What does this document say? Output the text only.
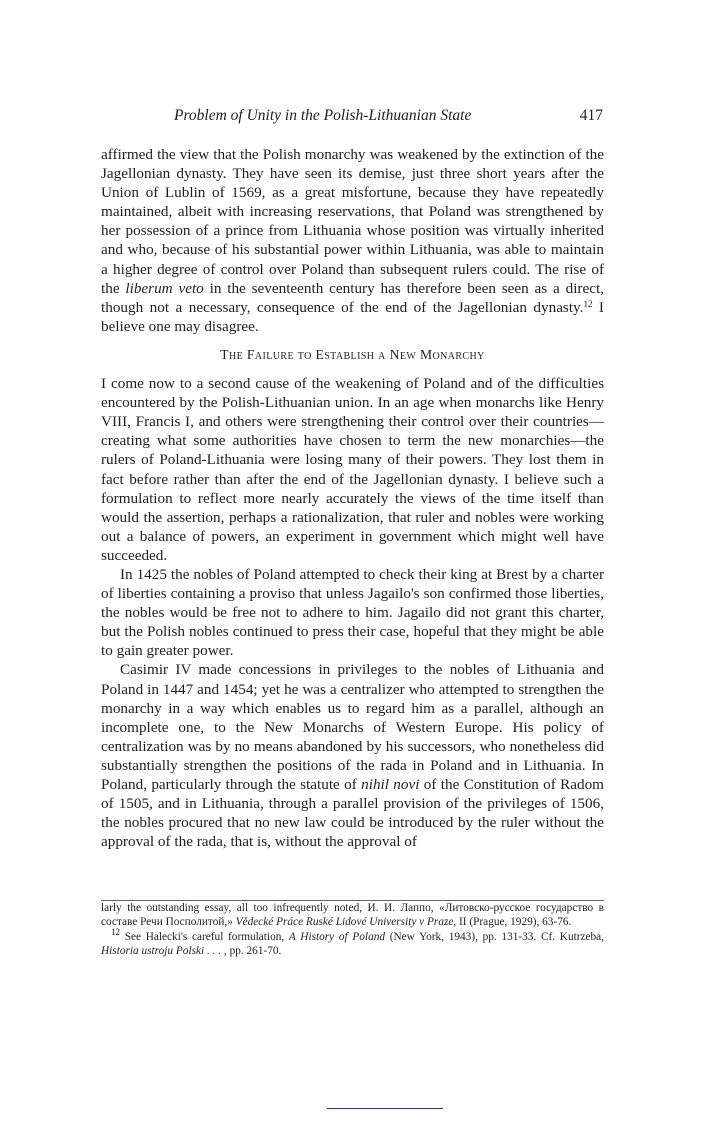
Problem of Unity in the Polish-Lithuanian State	417

affirmed the view that the Polish monarchy was weakened by the extinction of the Jagellonian dynasty. They have seen its demise, just three short years after the Union of Lublin of 1569, as a great misfortune, because they have repeatedly maintained, albeit with increasing reservations, that Poland was strengthened by her possession of a prince from Lithuania whose position was virtually inherited and who, because of his substantial power within Lithuania, was able to maintain a higher degree of control over Poland than subsequent rulers could. The rise of the liberum veto in the seventeenth century has therefore been seen as a direct, though not a necessary, consequence of the end of the Jagellonian dynasty.$^{12}$ I believe one may disagree.

The Failure to Establish a New Monarchy

I come now to a second cause of the weakening of Poland and of the difficulties encountered by the Polish-Lithuanian union. In an age when monarchs like Henry VIII, Francis I, and others were strengthening their control over their countries—creating what some authorities have chosen to term the new monarchies—the rulers of Poland-Lithuania were losing many of their powers. They lost them in fact before rather than after the end of the Jagellonian dynasty. I believe such a formulation to reflect more nearly accurately the views of the time itself than would the assertion, perhaps a rationalization, that ruler and nobles were working out a balance of powers, an experiment in government which might well have succeeded.

In 1425 the nobles of Poland attempted to check their king at Brest by a charter of liberties containing a proviso that unless Jagailo's son confirmed those liberties, the nobles would be free not to adhere to him. Jagailo did not grant this charter, but the Polish nobles continued to press their case, hopeful that they might be able to gain greater power.

Casimir IV made concessions in privileges to the nobles of Lithuania and Poland in 1447 and 1454; yet he was a centralizer who attempted to strengthen the monarchy in a way which enables us to regard him as a parallel, although an incomplete one, to the New Monarchs of Western Europe. His policy of centralization was by no means abandoned by his successors, who nonetheless did substantially strengthen the positions of the rada in Poland and in Lithuania. In Poland, particularly through the statute of nihil novi of the Constitution of Radom of 1505, and in Lithuania, through a parallel provision of the privileges of 1506, the nobles procured that no new law could be introduced by the ruler without the approval of the rada, that is, without the approval of

larly the outstanding essay, all too infrequently noted, И. И. Лаппо, «Литовско-русское государство в составе Речи Посполитой,» Vědecké Práce Ruské Lidové University v Praze, II (Prague, 1929), 63-76.

$^{12}$ See Halecki's careful formulation, A History of Poland (New York, 1943), pp. 131-33. Cf. Kutrzeba, Historia ustroju Polski . . . , pp. 261-70.
